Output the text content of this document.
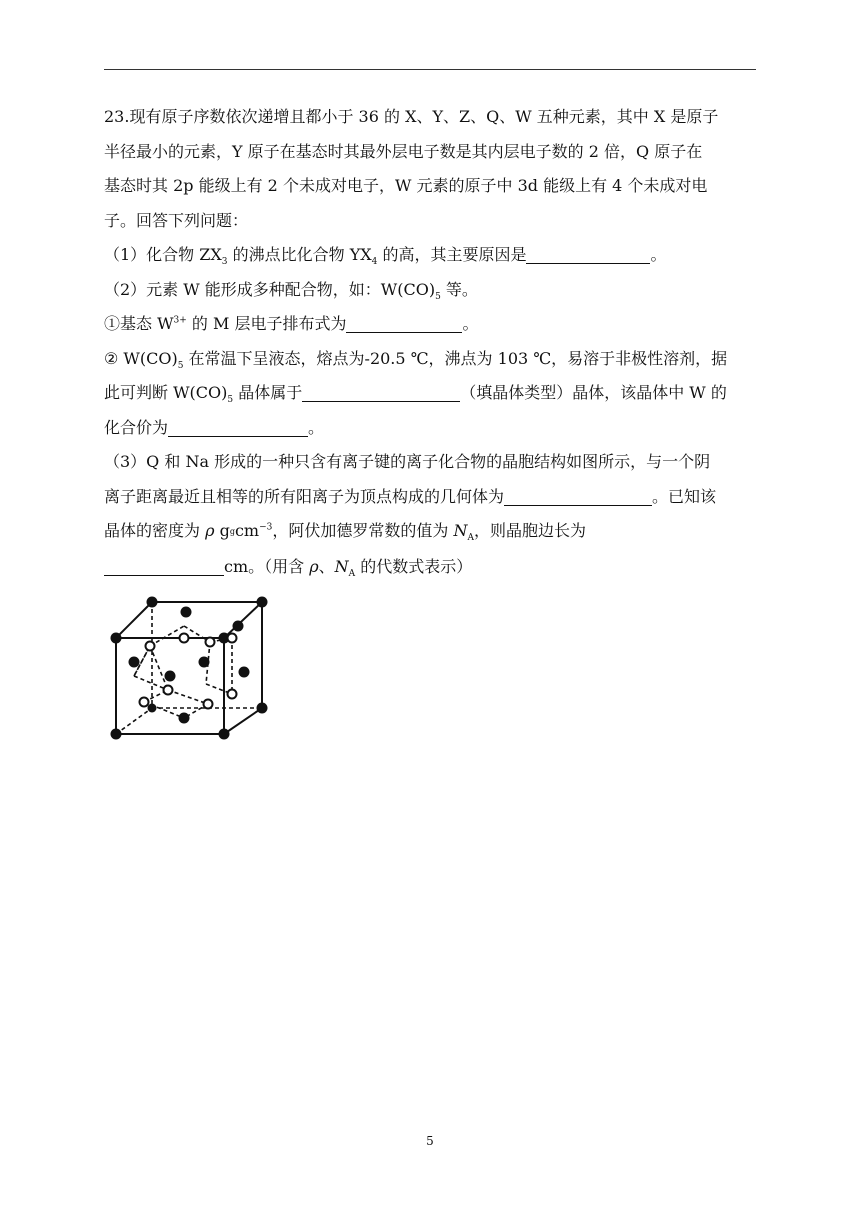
23.现有原子序数依次递增且都小于 36 的 X、Y、Z、Q、W 五种元素，其中 X 是原子
半径最小的元素，Y 原子在基态时其最外层电子数是其内层电子数的 2 倍，Q 原子在
基态时其 2p 能级上有 2 个未成对电子，W 元素的原子中 3d 能级上有 4 个未成对电
子。回答下列问题：
（1）化合物 $ZX_3$ 的沸点比化合物 $YX_4$ 的高，其主要原因是	。
（2）元素 W 能形成多种配合物，如：$W(CO)_5$ 等。
①基态 $W^{3+}$ 的 M 层电子排布式为	。
② $W(CO)_5$ 在常温下呈液态，熔点为-20.5 ℃，沸点为 103 ℃，易溶于非极性溶剂，据
此可判断 $W(CO)_5$ 晶体属于	（填晶体类型）晶体，该晶体中 W 的
化合价为	。
（3）Q 和 Na 形成的一种只含有离子键的离子化合物的晶胞结构如图所示，与一个阴
离子距离最近且相等的所有阳离子为顶点构成的几何体为	。已知该
晶体的密度为 ρ ggcm$^{-3}$，阿伏加德罗常数的值为 $N_A$，则晶胞边长为
cm。（用含 ρ、$N_A$ 的代数式表示）
5
